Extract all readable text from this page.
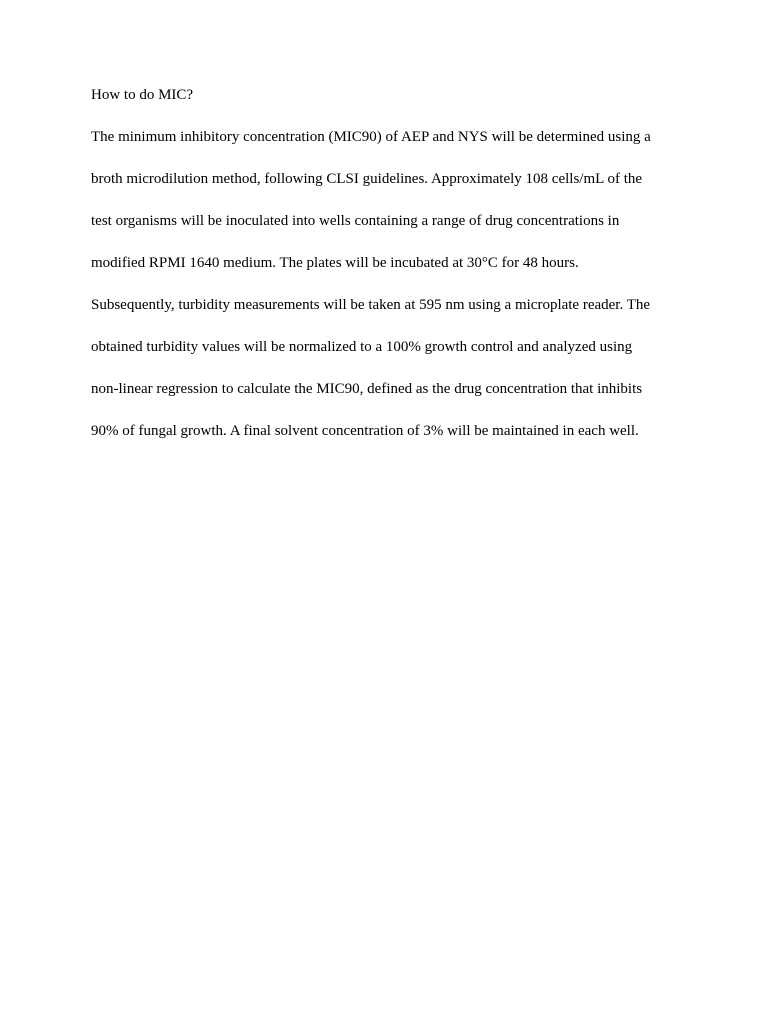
How to do MIC?

The minimum inhibitory concentration (MIC90) of AEP and NYS will be determined using a
broth microdilution method, following CLSI guidelines. Approximately 108 cells/mL of the
test organisms will be inoculated into wells containing a range of drug concentrations in
modified RPMI 1640 medium. The plates will be incubated at 30°C for 48 hours.
Subsequently, turbidity measurements will be taken at 595 nm using a microplate reader. The
obtained turbidity values will be normalized to a 100% growth control and analyzed using
non-linear regression to calculate the MIC90, defined as the drug concentration that inhibits
90% of fungal growth. A final solvent concentration of 3% will be maintained in each well.
